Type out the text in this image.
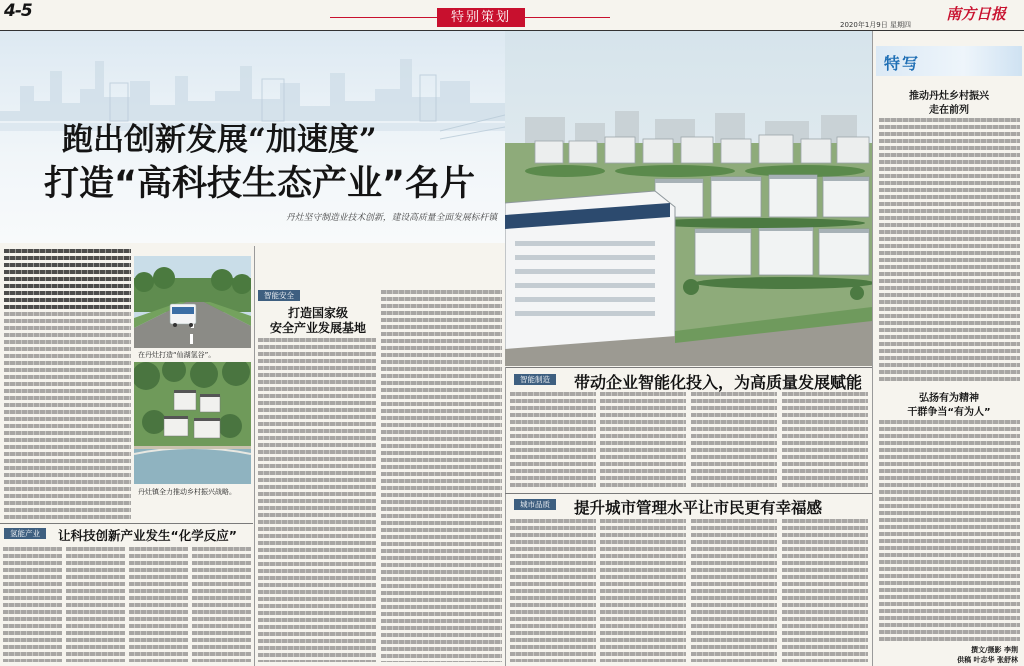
4-5	特别策划	2020年1月9日 星期四
南方日报
跑出创新发展“加速度”
打造“高科技生态产业”名片
丹灶坚守制造业技术创新，建设高质量全面发展标杆镇
特写
推动丹灶乡村振兴
走在前列
弘扬有为精神
干群争当“有为人”
撰文/摄影 李荆
供稿 叶志华 张舒林
在丹灶打造“仙湖氢谷”。
丹灶镇全力推动乡村振兴战略。
智能安全
打造国家级
安全产业发展基地
氢能产业	让科技创新产业发生“化学反应”
智能制造	带动企业智能化投入，为高质量发展赋能
城市品质	提升城市管理水平让市民更有幸福感
